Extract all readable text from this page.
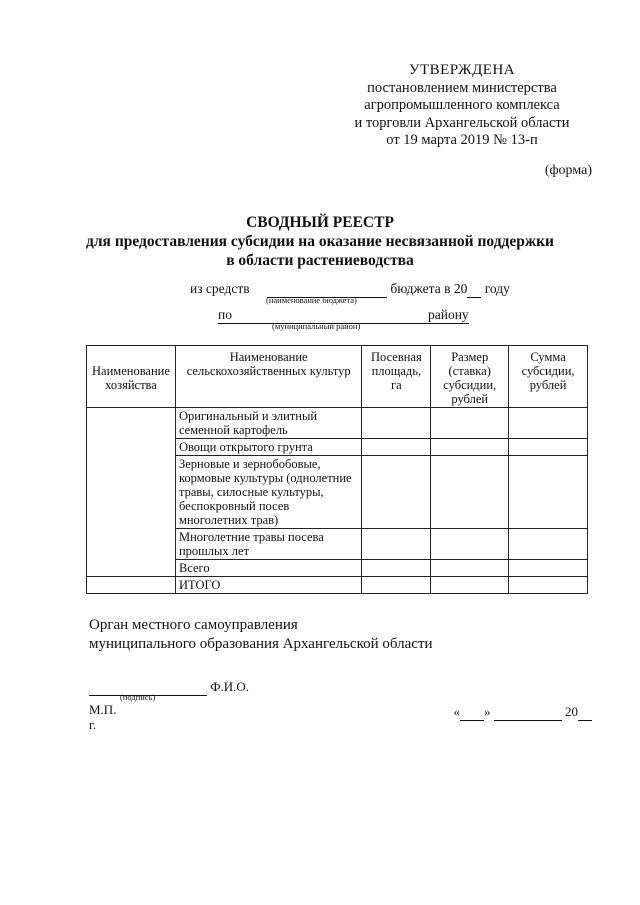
УТВЕРЖДЕНА
постановлением министерства
агропромышленного комплекса
и торговли Архангельской области
от 19 марта 2019 № 13-п
(форма)
СВОДНЫЙ РЕЕСТР
для предоставления субсидии на оказание несвязанной поддержки
в области растениеводства
из средств	бюджета в 20 году
(наименование бюджета)
по	району
(муниципальный район)
Наименование хозяйства	Наименование сельскохозяйственных культур	Посевная площадь, га	Размер (ставка) субсидии, рублей	Сумма субсидии, рублей
	Оригинальный и элитный семенной картофель			
	Овощи открытого грунта			
	Зерновые и зернобобовые, кормовые культуры (однолетние травы, силосные культуры, беспокровный посев многолетних трав)			
	Многолетние травы посева прошлых лет			
	Всего			
	ИТОГО			
Орган местного самоуправления
муниципального образования Архангельской области
Ф.И.О.
(подпись)
М.П.
г.
« »	20
